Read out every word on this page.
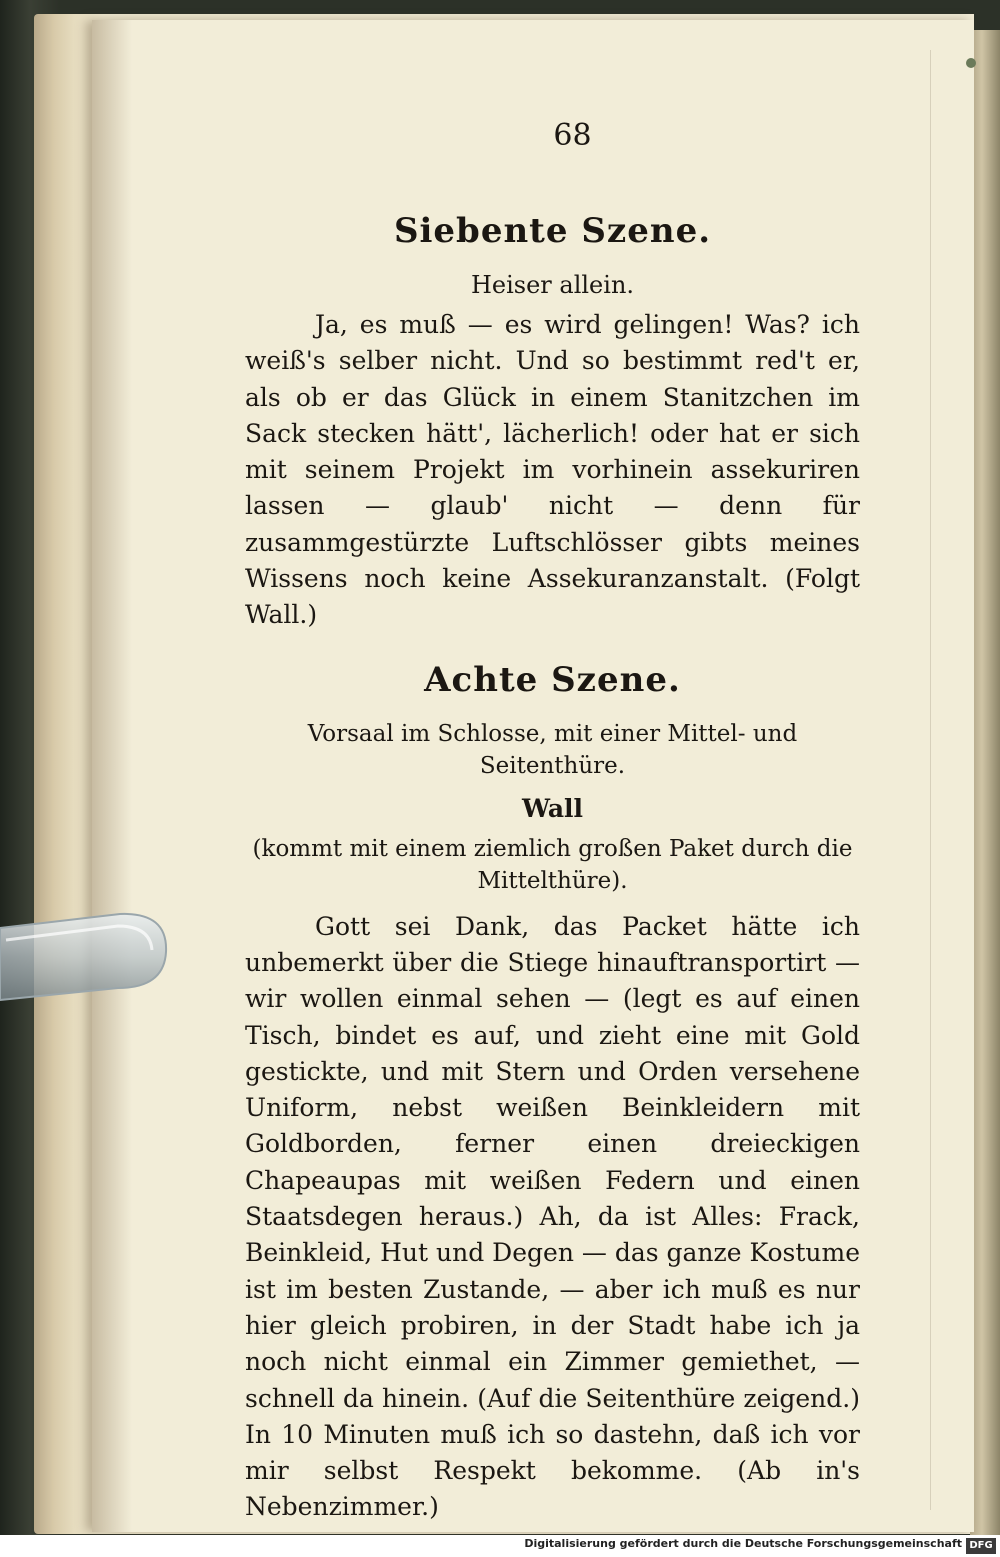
68
Siebente Szene.
Heiser allein.
Ja, es muß — es wird gelingen! Was? ich weiß's selber nicht. Und so bestimmt red't er, als ob er das Glück in einem Stanitzchen im Sack stecken hätt', lächerlich! oder hat er sich mit seinem Projekt im vorhinein assekuriren lassen — glaub' nicht — denn für zusammgestürzte Luftschlösser gibts meines Wissens noch keine Assekuranzanstalt. (Folgt Wall.)
Achte Szene.
Vorsaal im Schlosse, mit einer Mittel- und Seitenthüre.
Wall
(kommt mit einem ziemlich großen Paket durch die Mittelthüre).
Gott sei Dank, das Packet hätte ich unbemerkt über die Stiege hinauftransportirt — wir wollen einmal sehen — (legt es auf einen Tisch, bindet es auf, und zieht eine mit Gold gestickte, und mit Stern und Orden versehene Uniform, nebst weißen Beinkleidern mit Goldborden, ferner einen dreieckigen Chapeaupas mit weißen Federn und einen Staatsdegen heraus.) Ah, da ist Alles: Frack, Beinkleid, Hut und Degen — das ganze Kostume ist im besten Zustande, — aber ich muß es nur hier gleich probiren, in der Stadt habe ich ja noch nicht einmal ein Zimmer gemiethet, — schnell da hinein. (Auf die Seitenthüre zeigend.) In 10 Minuten muß ich so dastehn, daß ich vor mir selbst Respekt bekomme. (Ab in's Nebenzimmer.)
Digitalisierung gefördert durch die Deutsche Forschungsgemeinschaft DFG
